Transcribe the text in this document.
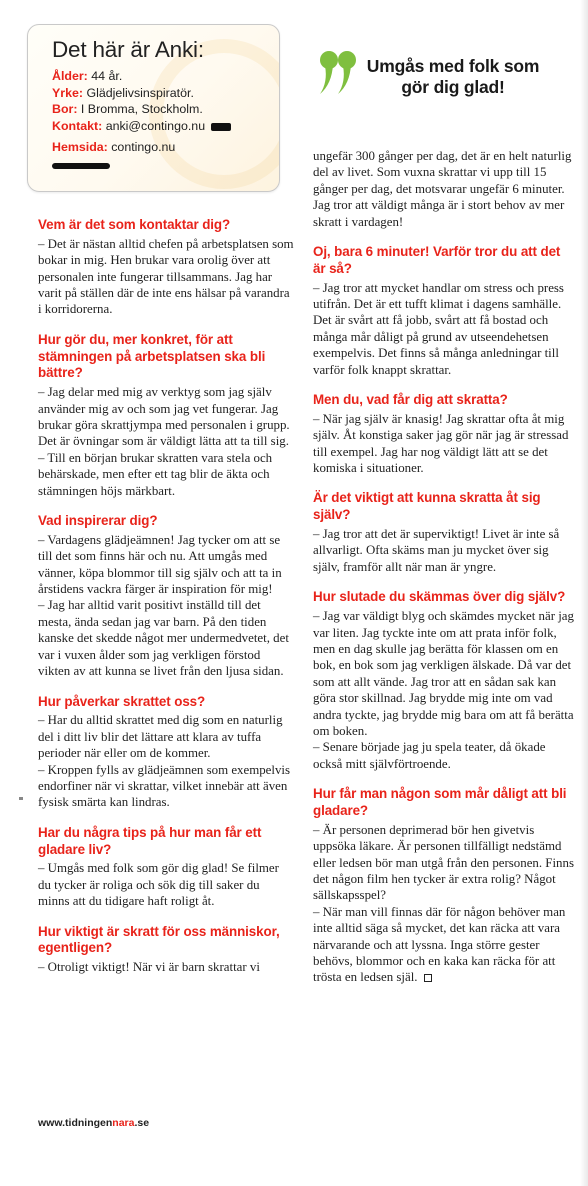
Det här är Anki:
Ålder: 44 år.
Yrke: Glädjelivsinspiratör.
Bor: I Bromma, Stockholm.
Kontakt: anki@contingo.nu
Hemsida: contingo.nu
Umgås med folk som
gör dig glad!
Vem är det som kontaktar dig?

– Det är nästan alltid chefen på arbetsplatsen som bokar in mig. Hen brukar vara orolig över att personalen inte fungerar tillsammans. Jag har varit på ställen där de inte ens hälsar på varandra i korridorerna.

Hur gör du, mer konkret, för att stämningen på arbetsplatsen ska bli bättre?

– Jag delar med mig av verktyg som jag själv använder mig av och som jag vet fungerar. Jag brukar göra skrattjympa med personalen i grupp. Det är övningar som är väldigt lätta att ta till sig.

– Till en början brukar skratten vara stela och behärskade, men efter ett tag blir de äkta och stämningen höjs märkbart.

Vad inspirerar dig?

– Vardagens glädjeämnen! Jag tycker om att se till det som finns här och nu. Att umgås med vänner, köpa blommor till sig själv och att ta in årstidens vackra färger är inspiration för mig!

– Jag har alltid varit positivt inställd till det mesta, ända sedan jag var barn. På den tiden kanske det skedde något mer undermedvetet, det var i vuxen ålder som jag verkligen förstod vikten av att kunna se livet från den ljusa sidan.

Hur påverkar skrattet oss?

– Har du alltid skrattet med dig som en naturlig del i ditt liv blir det lättare att klara av tuffa perioder när eller om de kommer.

– Kroppen fylls av glädjeämnen som exempelvis endorfiner när vi skrattar, vilket innebär att även fysisk smärta kan lindras.

Har du några tips på hur man får ett gladare liv?

– Umgås med folk som gör dig glad! Se filmer du tycker är roliga och sök dig till saker du minns att du tidigare haft roligt åt.

Hur viktigt är skratt för oss människor, egentligen?

– Otroligt viktigt! När vi är barn skrattar vi

ungefär 300 gånger per dag, det är en helt naturlig del av livet. Som vuxna skrattar vi upp till 15 gånger per dag, det motsvarar ungefär 6 minuter. Jag tror att väldigt många är i stort behov av mer skratt i vardagen!

Oj, bara 6 minuter! Varför tror du att det är så?

– Jag tror att mycket handlar om stress och press utifrån. Det är ett tufft klimat i dagens samhälle. Det är svårt att få jobb, svårt att få bostad och många mår dåligt på grund av utseendehetsen exempelvis. Det finns så många anledningar till varför folk knappt skrattar.

Men du, vad får dig att skratta?

– När jag själv är knasig! Jag skrattar ofta åt mig själv. Åt konstiga saker jag gör när jag är stressad till exempel. Jag har nog väldigt lätt att se det komiska i situationer.

Är det viktigt att kunna skratta åt sig själv?

– Jag tror att det är superviktigt! Livet är inte så allvarligt. Ofta skäms man ju mycket över sig själv, framför allt när man är yngre.

Hur slutade du skämmas över dig själv?

– Jag var väldigt blyg och skämdes mycket när jag var liten. Jag tyckte inte om att prata inför folk, men en dag skulle jag berätta för klassen om en bok, en bok som jag verkligen älskade. Då var det som att allt vände. Jag tror att en sådan sak kan göra stor skillnad. Jag brydde mig inte om vad andra tyckte, jag brydde mig bara om att få berätta om boken.

– Senare började jag ju spela teater, då ökade också mitt självförtroende.

Hur får man någon som mår dåligt att bli gladare?

– Är personen deprimerad bör hen givetvis uppsöka läkare. Är personen tillfälligt nedstämd eller ledsen bör man utgå från den personen. Finns det någon film hen tycker är extra rolig? Något sällskapsspel?

– När man vill finnas där för någon behöver man inte alltid säga så mycket, det kan räcka att vara närvarande och att lyssna. Inga större gester behövs, blommor och en kaka kan räcka för att trösta en ledsen själ.

www.tidningennara.se
